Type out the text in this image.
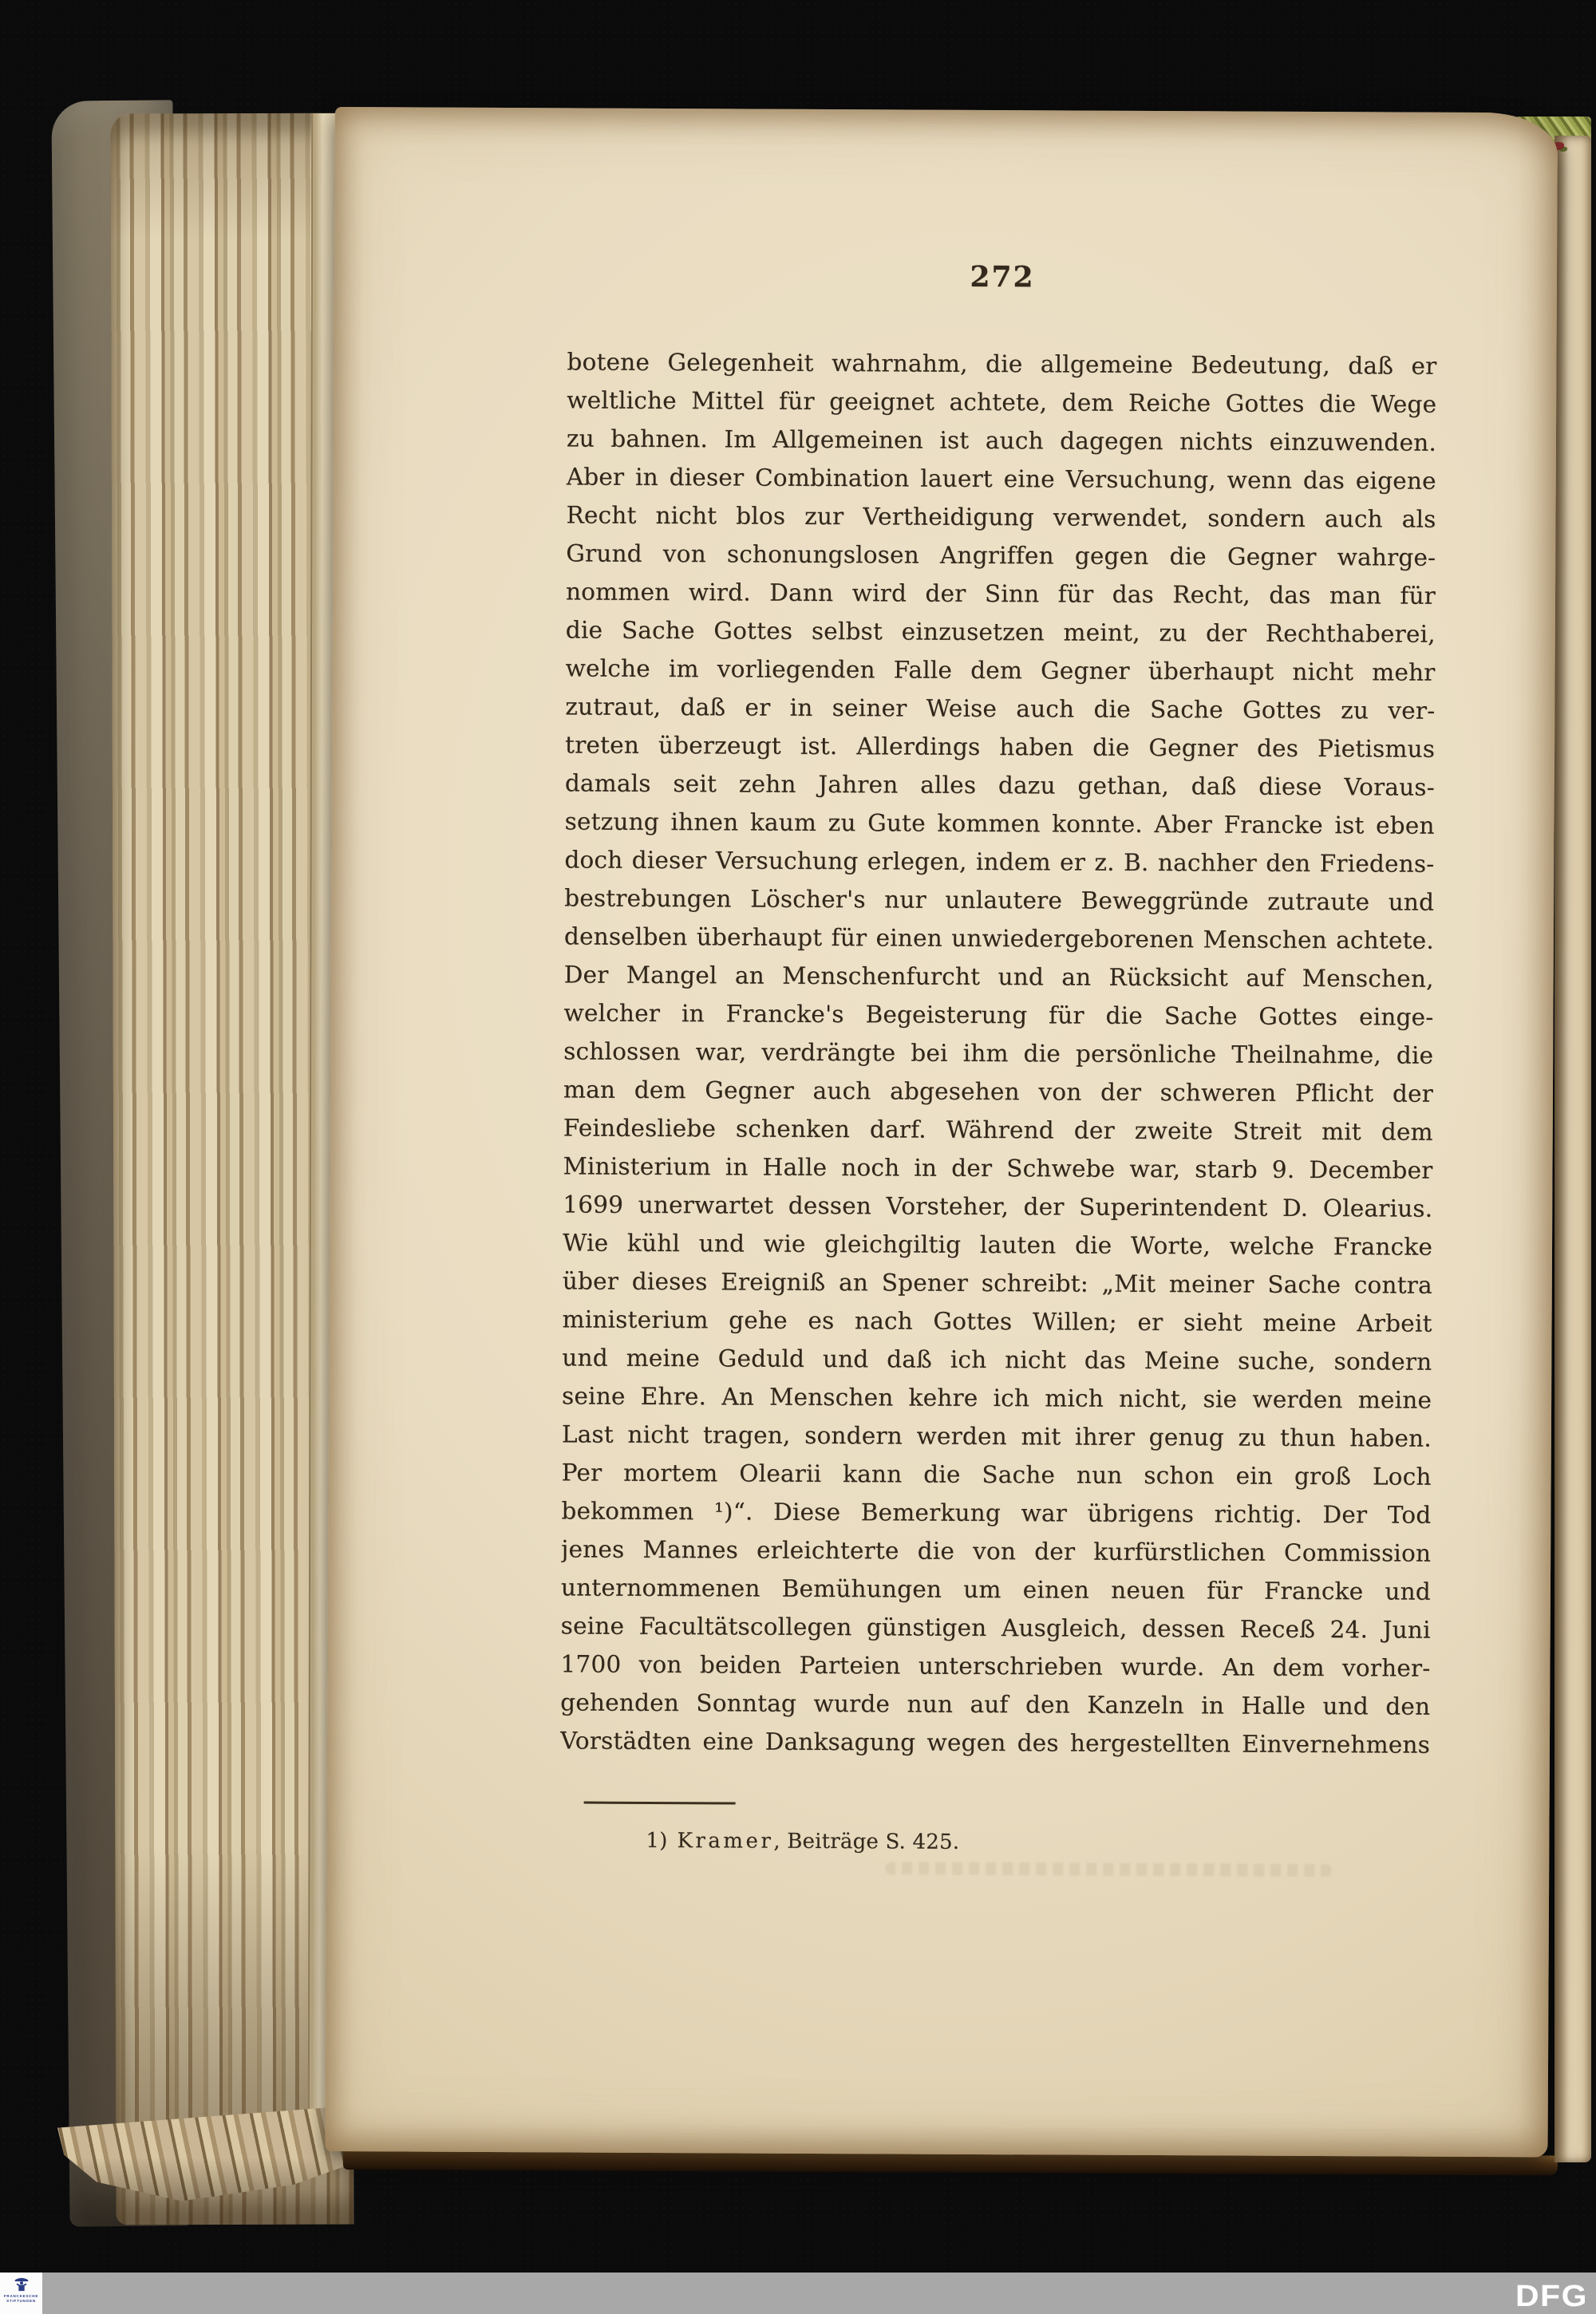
272
botene Gelegenheit wahrnahm, die allgemeine Bedeutung, daß er
weltliche Mittel für geeignet achtete, dem Reiche Gottes die Wege
zu bahnen. Im Allgemeinen ist auch dagegen nichts einzuwenden.
Aber in dieser Combination lauert eine Versuchung, wenn das eigene
Recht nicht blos zur Vertheidigung verwendet, sondern auch als
Grund von schonungslosen Angriffen gegen die Gegner wahrge-
nommen wird. Dann wird der Sinn für das Recht, das man für
die Sache Gottes selbst einzusetzen meint, zu der Rechthaberei,
welche im vorliegenden Falle dem Gegner überhaupt nicht mehr
zutraut, daß er in seiner Weise auch die Sache Gottes zu ver-
treten überzeugt ist. Allerdings haben die Gegner des Pietismus
damals seit zehn Jahren alles dazu gethan, daß diese Voraus-
setzung ihnen kaum zu Gute kommen konnte. Aber Francke ist eben
doch dieser Versuchung erlegen, indem er z. B. nachher den Friedens-
bestrebungen Löscher's nur unlautere Beweggründe zutraute und
denselben überhaupt für einen unwiedergeborenen Menschen achtete.
Der Mangel an Menschenfurcht und an Rücksicht auf Menschen,
welcher in Francke's Begeisterung für die Sache Gottes einge-
schlossen war, verdrängte bei ihm die persönliche Theilnahme, die
man dem Gegner auch abgesehen von der schweren Pflicht der
Feindesliebe schenken darf. Während der zweite Streit mit dem
Ministerium in Halle noch in der Schwebe war, starb 9. December
1699 unerwartet dessen Vorsteher, der Superintendent D. Olearius.
Wie kühl und wie gleichgiltig lauten die Worte, welche Francke
über dieses Ereigniß an Spener schreibt: „Mit meiner Sache contra
ministerium gehe es nach Gottes Willen; er sieht meine Arbeit
und meine Geduld und daß ich nicht das Meine suche, sondern
seine Ehre. An Menschen kehre ich mich nicht, sie werden meine
Last nicht tragen, sondern werden mit ihrer genug zu thun haben.
Per mortem Olearii kann die Sache nun schon ein groß Loch
bekommen ¹)“. Diese Bemerkung war übrigens richtig. Der Tod
jenes Mannes erleichterte die von der kurfürstlichen Commission
unternommenen Bemühungen um einen neuen für Francke und
seine Facultätscollegen günstigen Ausgleich, dessen Receß 24. Juni
1700 von beiden Parteien unterschrieben wurde. An dem vorher-
gehenden Sonntag wurde nun auf den Kanzeln in Halle und den
Vorstädten eine Danksagung wegen des hergestellten Einvernehmens
1) Kramer, Beiträge S. 425.
FRANCKESCHE
STIFTUNGEN	DFG
